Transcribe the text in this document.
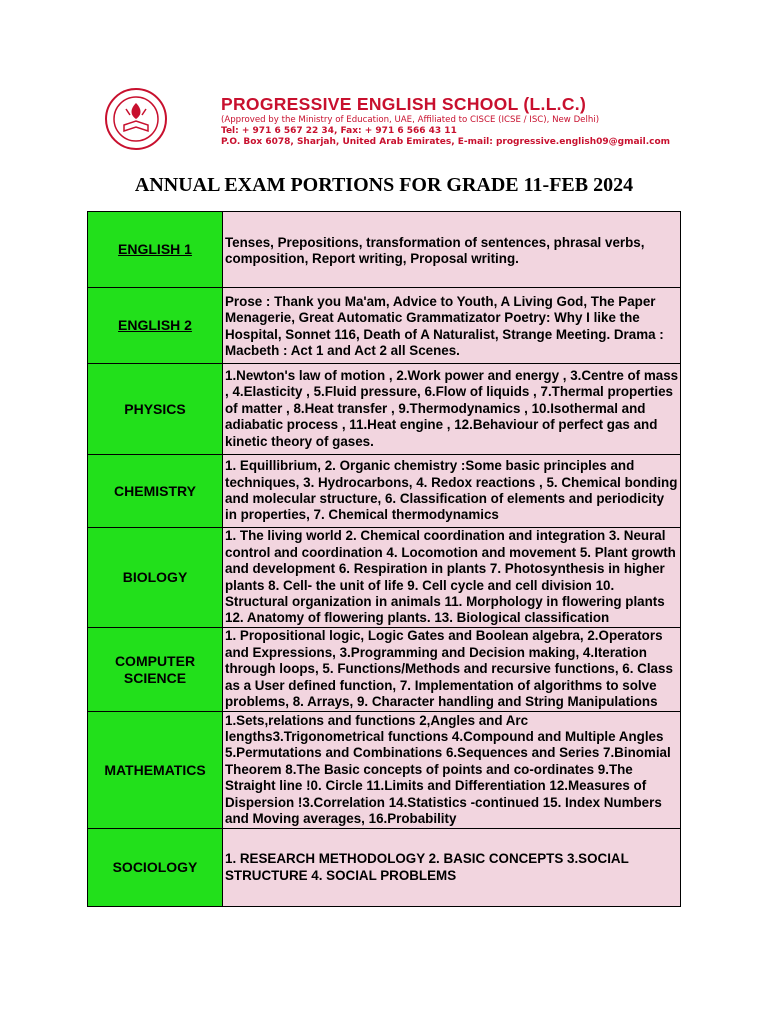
PROGRESSIVE ENGLISH SCHOOL (L.L.C.)
(Approved by the Ministry of Education, UAE, Affiliated to CISCE (ICSE / ISC), New Delhi)
Tel: + 971 6 567 22 34, Fax: + 971 6 566 43 11
P.O. Box 6078, Sharjah, United Arab Emirates, E-mail: progressive.english09@gmail.com
ANNUAL EXAM PORTIONS FOR GRADE 11-FEB 2024
ENGLISH 1	Tenses, Prepositions, transformation of sentences, phrasal verbs, composition, Report writing, Proposal writing.
ENGLISH 2	Prose : Thank you Ma'am, Advice to Youth, A Living God, The Paper Menagerie, Great Automatic Grammatizator Poetry: Why I like the Hospital, Sonnet 116, Death of A Naturalist, Strange Meeting. Drama : Macbeth : Act 1 and Act 2 all Scenes.
PHYSICS	1.Newton's law of motion , 2.Work power and energy , 3.Centre of mass , 4.Elasticity , 5.Fluid pressure, 6.Flow of liquids , 7.Thermal properties of matter , 8.Heat transfer , 9.Thermodynamics , 10.Isothermal and adiabatic process , 11.Heat engine , 12.Behaviour of perfect gas and kinetic theory of gases.
CHEMISTRY	1. Equillibrium, 2. Organic chemistry :Some basic principles and techniques, 3. Hydrocarbons, 4. Redox reactions , 5. Chemical bonding and molecular structure, 6. Classification of elements and periodicity in properties, 7. Chemical thermodynamics
BIOLOGY	1. The living world 2. Chemical coordination and integration 3. Neural control and coordination 4. Locomotion and movement 5. Plant growth and development 6. Respiration in plants 7. Photosynthesis in higher plants 8. Cell- the unit of life 9. Cell cycle and cell division 10. Structural organization in animals 11. Morphology in flowering plants 12. Anatomy of flowering plants. 13. Biological classification
COMPUTER SCIENCE	1. Propositional logic, Logic Gates and Boolean algebra, 2.Operators and Expressions, 3.Programming and Decision making, 4.Iteration through loops, 5. Functions/Methods and recursive functions, 6. Class as a User defined function, 7. Implementation of algorithms to solve problems, 8. Arrays, 9. Character handling and String Manipulations
MATHEMATICS	1.Sets,relations and functions 2,Angles and Arc lengths3.Trigonometrical functions 4.Compound and Multiple Angles 5.Permutations and Combinations 6.Sequences and Series 7.Binomial Theorem 8.The Basic concepts of points and co-ordinates 9.The Straight line !0. Circle 11.Limits and Differentiation 12.Measures of Dispersion !3.Correlation 14.Statistics -continued 15. Index Numbers and Moving averages, 16.Probability
SOCIOLOGY	1. RESEARCH METHODOLOGY 2. BASIC CONCEPTS 3.SOCIAL STRUCTURE 4. SOCIAL PROBLEMS
